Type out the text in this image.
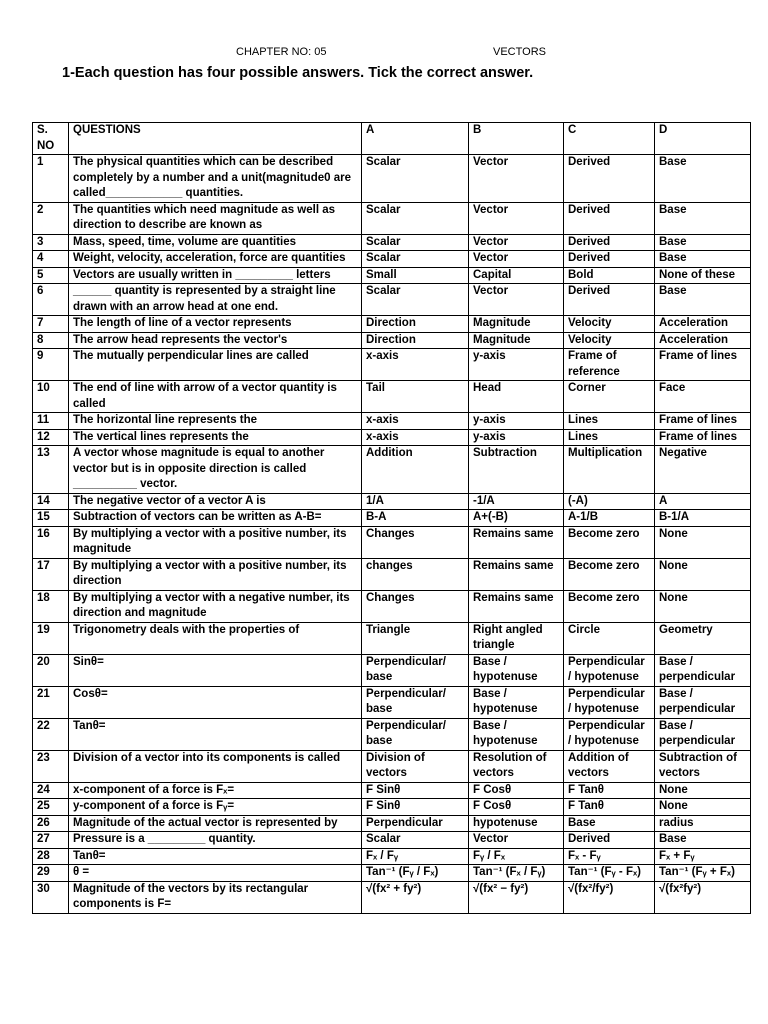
CHAPTER NO: 05	VECTORS
1-Each question has four possible answers. Tick the correct answer.
S. NO	QUESTIONS	A	B	C	D
1	The physical quantities which can be described completely by a number and a unit(magnitude0 are called____________ quantities.	Scalar	Vector	Derived	Base
2	The quantities which need magnitude as well as direction to describe are known as	Scalar	Vector	Derived	Base
3	Mass, speed, time, volume are quantities	Scalar	Vector	Derived	Base
4	Weight, velocity, acceleration, force are quantities	Scalar	Vector	Derived	Base
5	Vectors are usually written in _________ letters	Small	Capital	Bold	None of these
6	______ quantity is represented by a straight line drawn with an arrow head at one end.	Scalar	Vector	Derived	Base
7	The length of line of a vector represents	Direction	Magnitude	Velocity	Acceleration
8	The arrow head represents the vector's	Direction	Magnitude	Velocity	Acceleration
9	The mutually perpendicular lines are called	x-axis	y-axis	Frame of reference	Frame of lines
10	The end of line with arrow of a vector quantity is called	Tail	Head	Corner	Face
11	The horizontal line represents the	x-axis	y-axis	Lines	Frame of lines
12	The vertical lines represents the	x-axis	y-axis	Lines	Frame of lines
13	A vector whose magnitude is equal to another vector but is in opposite direction is called __________ vector.	Addition	Subtraction	Multiplication	Negative
14	The negative vector of a vector A is	1/A	-1/A	(-A)	A
15	Subtraction of vectors can be written as A-B=	B-A	A+(-B)	A-1/B	B-1/A
16	By multiplying a vector with a positive number, its magnitude	Changes	Remains same	Become zero	None
17	By multiplying a vector with a positive number, its direction	changes	Remains same	Become zero	None
18	By multiplying a vector with a negative number, its direction and magnitude	Changes	Remains same	Become zero	None
19	Trigonometry deals with the properties of	Triangle	Right angled triangle	Circle	Geometry
20	Sinθ=	Perpendicular/ base	Base / hypotenuse	Perpendicular / hypotenuse	Base / perpendicular
21	Cosθ=	Perpendicular/ base	Base / hypotenuse	Perpendicular / hypotenuse	Base / perpendicular
22	Tanθ=	Perpendicular/ base	Base / hypotenuse	Perpendicular / hypotenuse	Base / perpendicular
23	Division of a vector into its components is called	Division of vectors	Resolution of vectors	Addition of vectors	Subtraction of vectors
24	x-component of a force is Fₓ=	F Sinθ	F Cosθ	F Tanθ	None
25	y-component of a force is Fᵧ=	F Sinθ	F Cosθ	F Tanθ	None
26	Magnitude of the actual vector is represented by	Perpendicular	hypotenuse	Base	radius
27	Pressure is a _________ quantity.	Scalar	Vector	Derived	Base
28	Tanθ=	Fₓ / Fᵧ	Fᵧ / Fₓ	Fₓ - Fᵧ	Fₓ + Fᵧ
29	θ =	Tan⁻¹ (Fᵧ / Fₓ)	Tan⁻¹ (Fₓ / Fᵧ)	Tan⁻¹ (Fᵧ - Fₓ)	Tan⁻¹ (Fᵧ + Fₓ)
30	Magnitude of the vectors by its rectangular components is F=	√(fx² + fy²)	√(fx² − fy²)	√(fx²/fy²)	√(fx²fy²)
